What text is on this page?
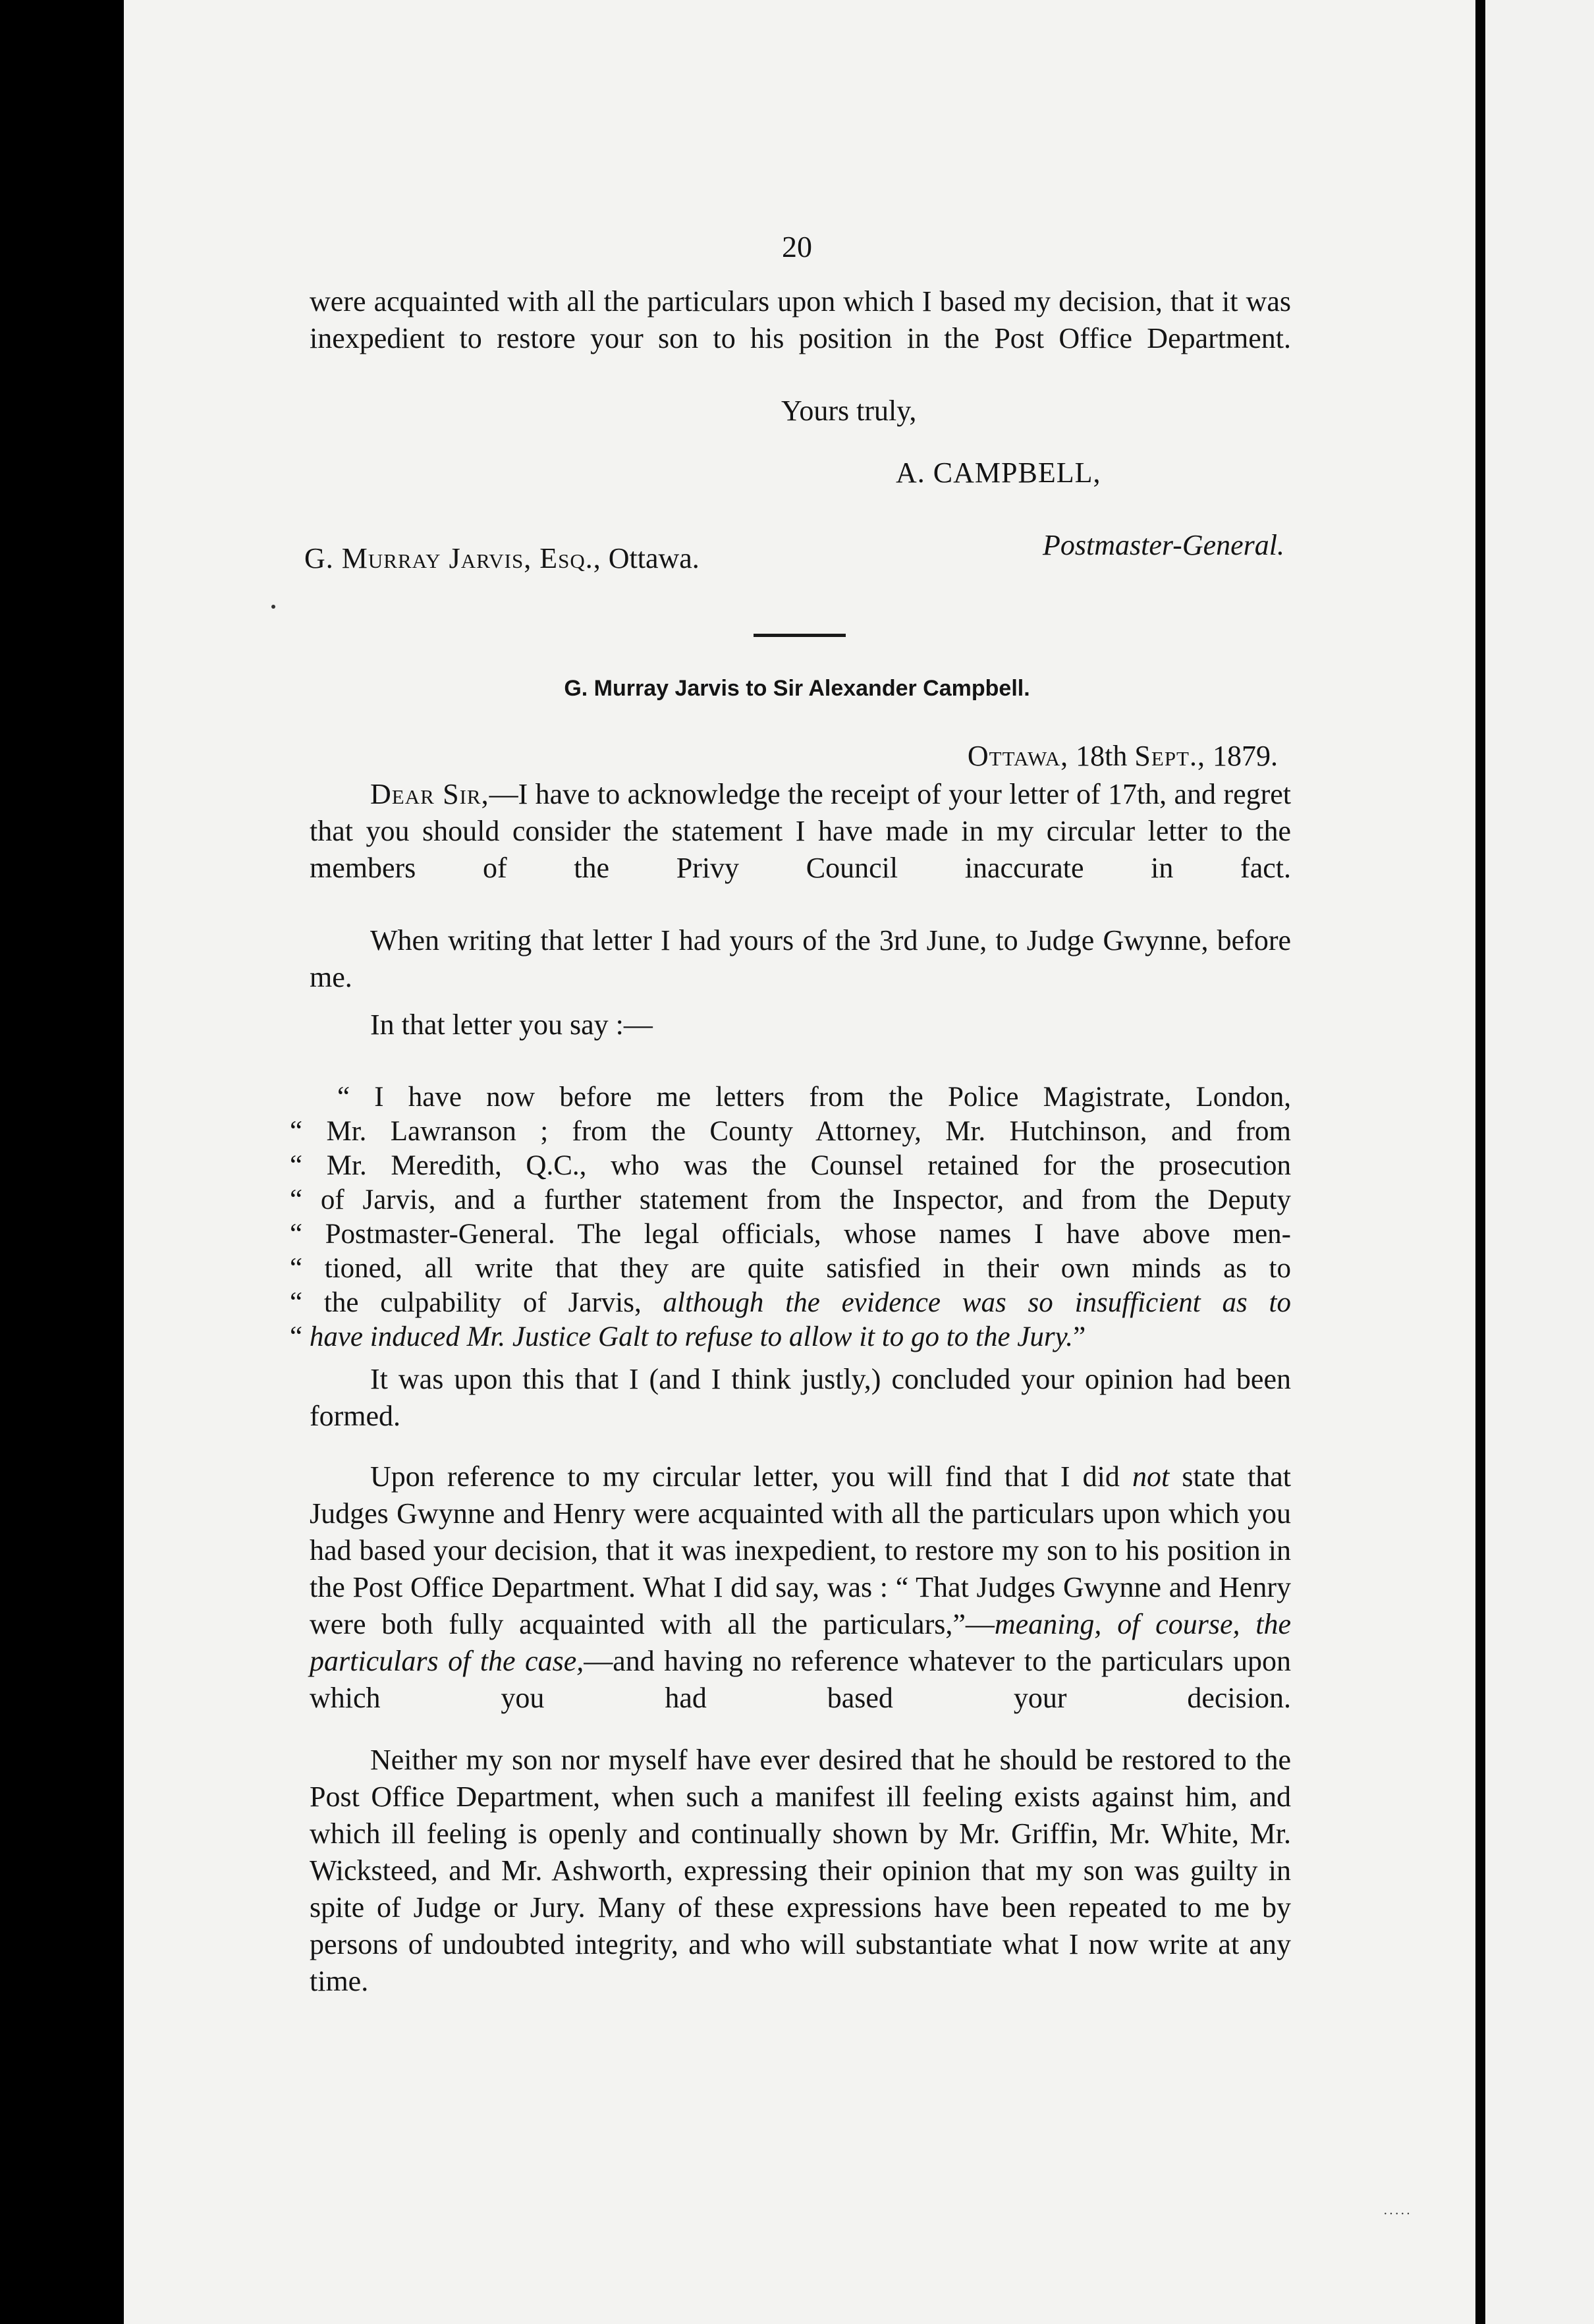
20
were acquainted with all the particulars upon which I based my decision, that it was inexpedient to restore your son to his position in the Post Office Department.
Yours truly,
A. CAMPBELL,
Postmaster-General.
G. Murray Jarvis, Esq., Ottawa.
G. Murray Jarvis to Sir Alexander Campbell.
Ottawa, 18th Sept., 1879.
Dear Sir,—I have to acknowledge the receipt of your letter of 17th, and regret that you should consider the statement I have made in my circular letter to the members of the Privy Council inaccurate in fact.
When writing that letter I had yours of the 3rd June, to Judge Gwynne, before me.
In that letter you say :—
“ I have now before me letters from the Police Magistrate, London,
“ Mr. Lawranson ; from the County Attorney, Mr. Hutchinson, and from
“ Mr. Meredith, Q.C., who was the Counsel retained for the prosecution
“ of Jarvis, and a further statement from the Inspector, and from the Deputy
“ Postmaster-General. The legal officials, whose names I have above men-
“ tioned, all write that they are quite satisfied in their own minds as to
“ the culpability of Jarvis, although the evidence was so insufficient as to
“ have induced Mr. Justice Galt to refuse to allow it to go to the Jury.”
It was upon this that I (and I think justly,) concluded your opinion had been formed.
Upon reference to my circular letter, you will find that I did not state that Judges Gwynne and Henry were acquainted with all the particulars upon which you had based your decision, that it was inexpedient, to restore my son to his position in the Post Office Department. What I did say, was : “ That Judges Gwynne and Henry were both fully acquainted with all the particulars,”—meaning, of course, the particulars of the case,—and having no reference whatever to the particulars upon which you had based your decision.
Neither my son nor myself have ever desired that he should be restored to the Post Office Department, when such a manifest ill feeling exists against him, and which ill feeling is openly and continually shown by Mr. Griffin, Mr. White, Mr. Wicksteed, and Mr. Ashworth, expressing their opinion that my son was guilty in spite of Judge or Jury. Many of these expressions have been repeated to me by persons of undoubted integrity, and who will substantiate what I now write at any time.
·····
